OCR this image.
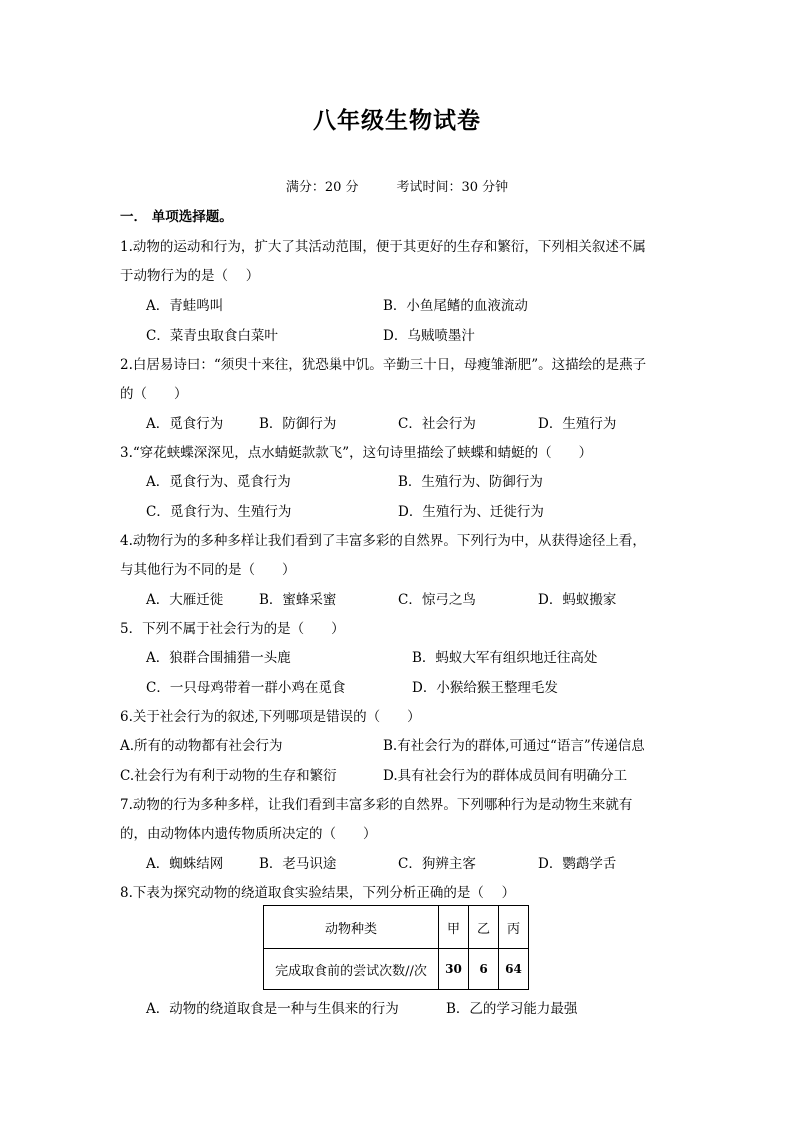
八年级生物试卷
满分：20 分	考试时间：30 分钟
一． 单项选择题。
1.动物的运动和行为，扩大了其活动范围，便于其更好的生存和繁衍，下列相关叙述不属
于动物行为的是（　 ）
A．青蛙鸣叫	B．小鱼尾鳍的血液流动
C．菜青虫取食白菜叶	D．乌贼喷墨汁
2.白居易诗曰：“须臾十来往，犹恐巢中饥。辛勤三十日，母瘦雏渐肥”。这描绘的是燕子
的（　　）
A．觅食行为	B．防御行为	C．社会行为	D．生殖行为
3.“穿花蛱蝶深深见，点水蜻蜓款款飞”，这句诗里描绘了蛱蝶和蜻蜓的（　　）
A．觅食行为、觅食行为	B．生殖行为、防御行为
C．觅食行为、生殖行为	D．生殖行为、迁徙行为
4.动物行为的多种多样让我们看到了丰富多彩的自然界。下列行为中，从获得途径上看，
与其他行为不同的是（　　）
A．大雁迁徙	B．蜜蜂采蜜	C．惊弓之鸟	D．蚂蚁搬家
5．下列不属于社会行为的是（　　）
A．狼群合围捕猎一头鹿	B．蚂蚁大军有组织地迁往高处
C．一只母鸡带着一群小鸡在觅食	D．小猴给猴王整理毛发
6.关于社会行为的叙述,下列哪项是错误的（　　）
A.所有的动物都有社会行为	B.有社会行为的群体,可通过“语言”传递信息
C.社会行为有利于动物的生存和繁衍	D.具有社会行为的群体成员间有明确分工
7.动物的行为多种多样，让我们看到丰富多彩的自然界。下列哪种行为是动物生来就有
的，由动物体内遗传物质所决定的（　　）
A．蜘蛛结网	B．老马识途	C．狗辨主客	D．鹦鹉学舌
8.下表为探究动物的绕道取食实验结果，下列分析正确的是（　 ）
动物种类	甲	乙	丙
完成取食前的尝试次数//次	30	6	64
A．动物的绕道取食是一种与生俱来的行为	B．乙的学习能力最强
